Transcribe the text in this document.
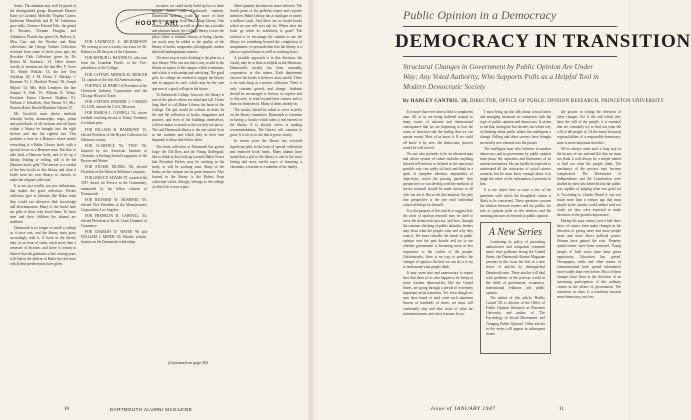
HOOT - AH!

books. The alumnae may well be proud of the distinguished group: Rosamond Eleanor Kane of Cortland, Melville, Virginia Coates, Katherine Mansfield, and H. M. Tomlinson gave talks; Clarence Edward Edie, the genial K. Brookes, Norman Douglas, and Arbuthnot; Florida has given Dr. Bullock Jr. Miss Carr and the Brooke and Bean collections; the George Tickner Collection received from some of their years ago; the Rowdoin Club Collection given by Dr. Robert M. Starbuck, '14. Other donors worthy of mention are the late Mrs. F. Jones '45, Warde Wilkins '13, the late Tom Northrup '20, J. M. Chase, T. Mackay, J. Rummer '31, C. Hartford 'Prinny' '18, Joseph Mijtoir '14, Mrs. Beth Lenderer, the late Samuel E. Bell '19, William D. White, President Ernest Clarence Hopkins '01, William J. Schafleck, Paul Bisson '01, Mrs. Preston Haird, Harold Hamilton Gibson '27.

Mr. Goodrich must devise methods whereby books, manuscripts, maps, prints and periodicals of all sections and all times within a library be brought into the right shelves and into the rightful use. This problem is here in a Hanover where nearly everything is a Baker Library book, with a special focus on a Hanover man. But how to take back a Hanover book, and to tie up a library, lending or selling, will it be the Hanover man's gifts? The answer is a cordial of the best books in this library and what it holds from his own library; to cherish, to make the original collection.

It is not just wealth, nor just enthusiasm, that makes the great collection. Private collectors give to libraries like Baker what they would not otherwise find: knowledge and discrimination. Many of the books here are gifts of those who loved them. To these men and their children the alumni are indebted.

Dartmouth is no longer so small a college as it once was, and the library must grow accordingly with it. A book in the library may, in an hour of study, teach more than a semester of lectures; and there is reason to believe that the graduates of the coming years will find in the shelves of Baker the rich store which their predecessors have given.

FOR LAWRENCE A. RICHARDSON '98, striving to see a worthy successor for Dr. Holmes to fill the post of the Librarian.

FOR ARTHUR G. BAXTER '01, who rose from the Canadian Pacific to the Vice-presidency of the College.

FOR CAPTAIN ARTHUR M. MERCER '14, captain of the first All American team.

FOR PAUL M. BARR '14, President of the Chemicals Industry Corporation and the Chicago Board of Trade.

FOR CAPTAIN EDWARD J. CARSON '15, USN, aboard the U.S.S. Missouri.

FOR JOSHUA L. CONNELL '14, whose football coaching record at Trinity Academy is without peer.

FOR WILLIAM H. HAMMOND '15, elected President of the Bryant Collection for Delaware county.

FOR CLARENCE '92, 'TINY' '06, honored by the American Institute of Chemists, a lifelong devoted supporter of the Boston and Maine.

FOR STUART MCNEIL '06, elected President of the Sherwin Williams Company.

FOR LEROY P. ADAMS '07, awarded the 1947 Award for Service to the Community, nominated by his fellow citizens of Portsmouth.

FOR RICHARD W. HUSBAND '05, elected Vice President of the Manufacturers Corporation, Los Angeles.

FOR FRANKLIN B. CARWELL '33, elected President of the St. Louis Chamber of Commerce.

FOR CHARLES D. WATER '96 and WILLIAM J. MINER '05, Rhodes scholar, finance on the Dartmouth scholarship.

no more, we could easily build up two or three special issues with Dartmouth students. Dartmouth students could get more of their scholastic reading from the College library. One Dartmouth student as well as others has a notable and pleasant house; the College library is now the place where a students library is being chosen, yet much may be added to the quality of the library of books, magazines, photographs, studies that hold undergraduate interest.

The next step in one's thinking is the plan for a new library. Who can not find a way to add to the library an aspect of the campus which is intimate, and which is welcoming and satisfying. The good gifts for college are needed to supply the library and to support its staff, which may be the sine qua non of a good college in the future.

To Dartmouth College, however, the library is one of the places where we stand and fall. I have long liked to call Baker Library the heart of the College. The gift would do without its heart. In the end the collection of books, magazines and pictures, and even of the buildings themselves, will not matter so much as the use they are put to. The real Dartmouth library is the one which lives in her students and which they in their turn bequeath to those that follow them.

The book collection at Dartmouth has grown large; the Old Row and the Young Undergrad, like to think as they look up towards Baker Tower that President Dickey may be working in his study, or will be working soon. Many of the books on the campus are its great treasures. Also housed in the library is the Robert Frost collection which, fittingly, belongs to the college of which he is now a part.

Sheer quantity becomes no more effective. The fourth point of the problem comes and requires attention. Baker Library has a catalogue of nearly a million cards. And there are no doubt books which no one will ever ask for. Where does the book go when its usefulness is gone? The solution is to encourage the student to use the library for something beyond the completion of assignments; to persuade him that the library is a place to spend leisure as well as working hours.

A possible approach is in this direction: the faculty may be at least as helpful as the librarians. Dartmouth's faculty has been unusually cooperative in this matter. Each department chooses the books it believes most useful. There is no such thing as a perfect collection. There is only constant growth and change. Students should be encouraged to browse, to explore and to discover; to read beyond their courses and to learn for themselves. Many of them already do.

The faculty should be asked to serve actively on the library committee. Dartmouth is fortunate in having a faculty which takes a real interest in the library. It is already active in making recommendations. The Library will continue to grow. It is for us to see that it grows wisely.

In recent years the library has received significant gifts in the form of special collections and endowed book funds. Many alumni have found that a gift to the library is one of the most lasting and most useful ways of honoring a classmate, a teacher or a member of the family.

(Continued on page 90)
10	DARTMOUTH ALUMNI MAGAZINE
Public Opinion in a Democracy
DEMOCRACY IN TRANSITION
Structural Changes in Government by Public Opinion Are Under Way; Any Voted Authority, Who Supports Polls as a Helpful Tool in Modern Democratic Society
By HADLEY CANTRIL '28, DIRECTOR, OFFICE OF PUBLIC OPINION RESEARCH, PRINCETON UNIVERSITY

It is more than ever time to find a complacent man. All of us are being buffeted around so many issues of national and international consequence that we are beginning to lose the sense of direction and the feeling that we can master events. Most of us know it. If we could all know it by now, the democratic process would be well served.

No one who pretends to be an educated man and whose system of values includes anything beyond self-interest or defined in the narrowest possible way can safely sit back and think in a spirit of complete idealism, impartiality or objectivity, watch the passing parade. Any perspective we can develop with the methods of survey research should be made known to all who can use it. But in the last analysis, the only true perspective is the one each individual citizen develops for himself.

It is the purpose of this article to suggest how the tools of opinion research may be used to serve the democratic process; and how, through the constant checking of public attitudes, leaders may learn what the people want and why they want it. We must consider the trends in public opinion over the past decade and try to see whether government is becoming more or less responsive to the wishes of the people. Unfortunately, there is no way to predict the changes of opinion: the best we can do is to try to understand what people think.

It may seem trite and unnecessary to repeat here that those of us who happen to be living in some western democracies, like the United States, are going through a period of extremely important social transition. Yet, even though we may have heard or read some such statement dozens of hundreds of times, we must still continually stop and take stock of what the statement means, and what it means for us.

I must bring up this talk about critical times and emerging situations in connection with the topic of public opinion and democracy. It seems to me that, during the last decade, our whole way of thinking about public affairs has undergone a change. Polling and other surveys have brought an entirely new element into the picture.

The intelligent man who believes in modern democracy and in government by public opinion must know the capacities and limitations of its ancient institutions. He can hardly be expected to understand all the intricacies of social science research, but he must know enough about it to judge the value of the information it presents to him.

It is my object here to raise a few of the questions with which the thoughtful citizen is likely to be concerned. These questions concern the relation between leaders and the public; the role of opinion polls in this relation; and the meaning and uses of research in public opinion.

A New Series

Continuing its policy of presenting authoritative and outspoken comment about vital problems facing the United States, the Dartmouth Alumni Magazine presents in this issue the first of a new series of articles by distinguished Dartmouth men. These articles will deal with problems of the postwar world in the fields of government, economics, international relations and public opinion.

The author of this article, Hadley Cantril '28, is director of the Office of Public Opinion Research at Princeton University and author of 'The Psychology of Social Movements' and 'Gauging Public Opinion'. Other articles in the series will appear in subsequent issues.

the picture in setting the direction of these changes. For if the end which they have the will of the people, it is essential that we constantly try to find out what the will of the people is. Of the many historical responsibilities of a responsible democracy, none is more important than this.

We've always come such a long way in the history of our national life that we must not think it will always be a simple matter to find out what the people think. The mechanics of the process may become complicated. The Declaration of Independence and the Constitution were drafted by men who believed that the public was capable of judging what was good for it. According to Charles Beard it was not much more than a century ago that most people in the country could neither read nor write; yet they were expected to make decisions of the greatest importance.

During the past century and a half there have, of course, been many changes in the direction of giving more and more people more and more direct political power. Women have gained the vote. Property qualifications have been removed. Young people of both sexes have been given opportunity. Education has spread. Newspapers, radio and other means of communication have spread information more widely than ever before. Most of these changes have been in the direction of an increasing participation of the ordinary citizen in the affairs of government. The transition, in short, is a transition towards more democracy, not less.

Issue of JANUARY 1947	11
